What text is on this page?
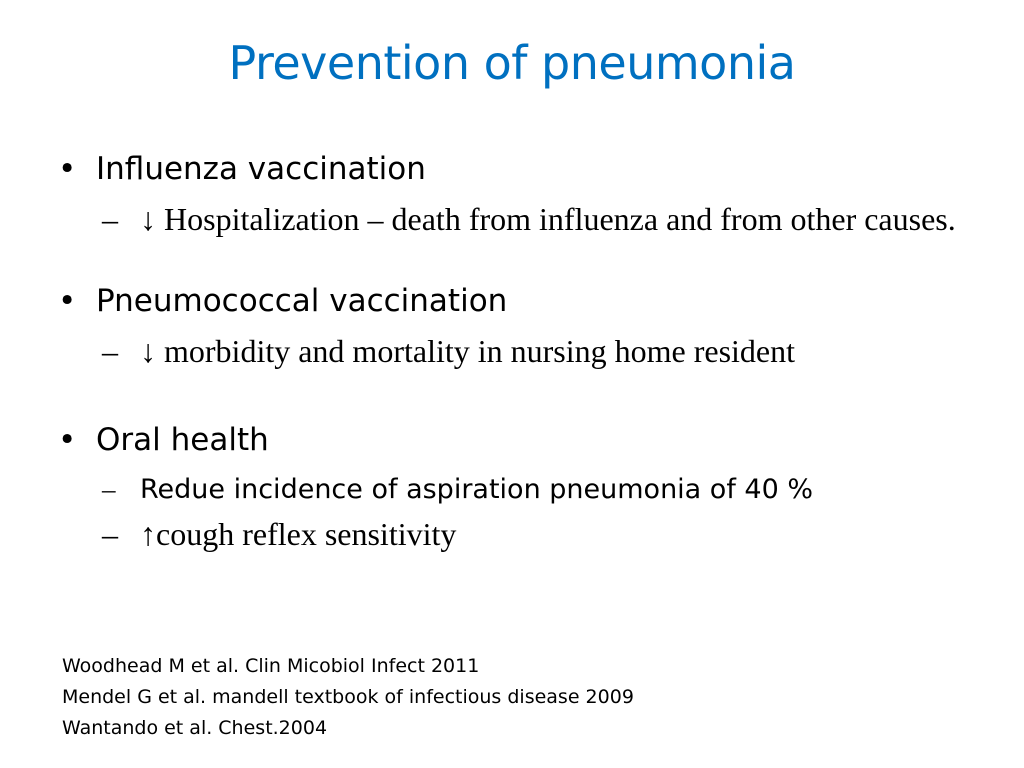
Prevention of pneumonia
• Influenza vaccination
– ↓ Hospitalization – death from influenza and from other causes.
• Pneumococcal vaccination
– ↓ morbidity and mortality in nursing home resident
• Oral health
– Redue incidence of aspiration pneumonia of 40 %
– ↑cough reflex sensitivity
Woodhead M et al. Clin Micobiol Infect 2011
Mendel G et al. mandell textbook of infectious disease 2009
Wantando et al. Chest.2004
